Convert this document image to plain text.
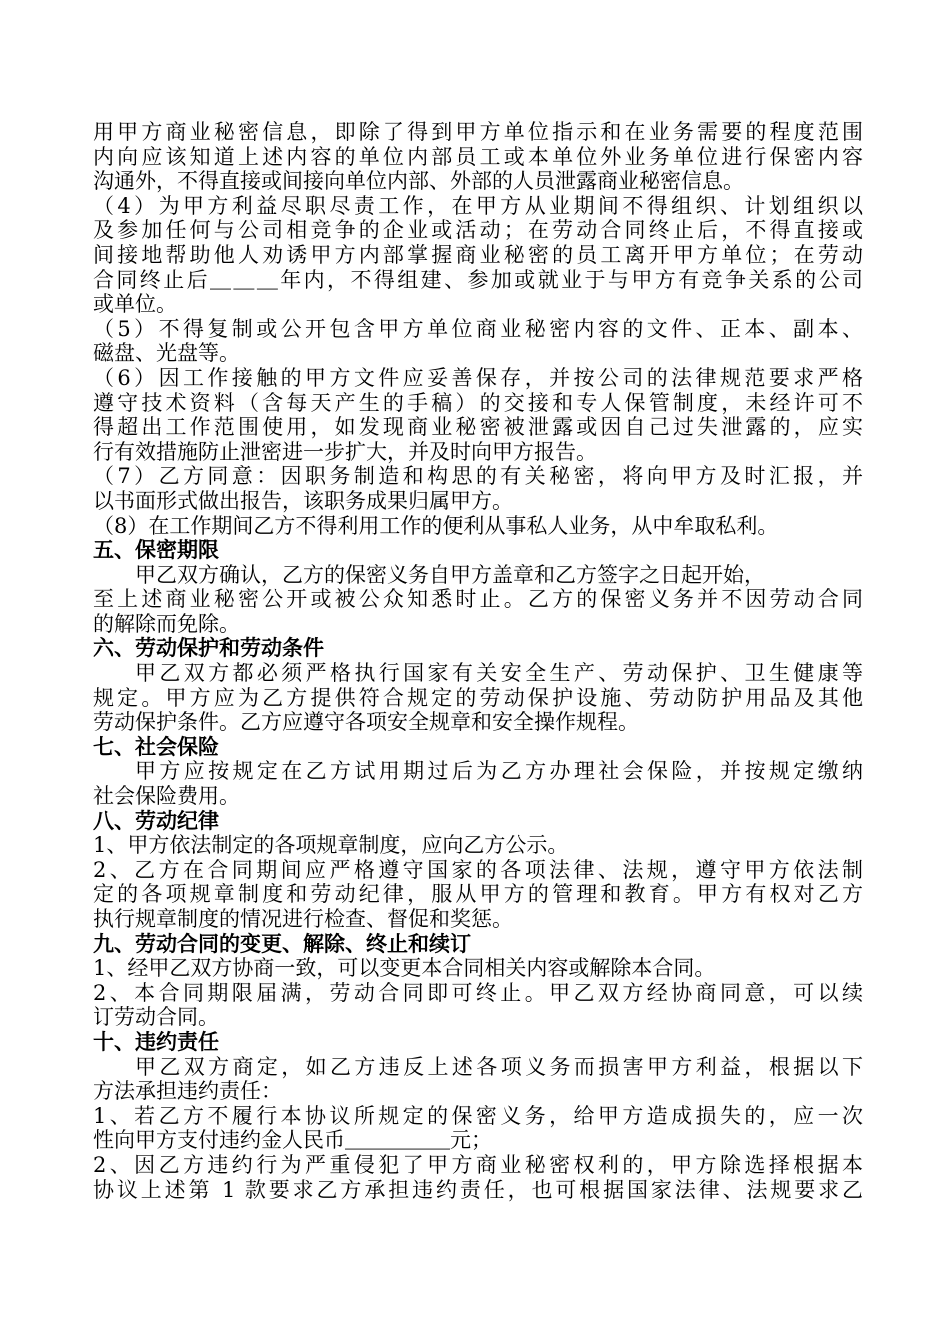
用甲方商业秘密信息，即除了得到甲方单位指示和在业务需要的程度范围
内向应该知道上述内容的单位内部员工或本单位外业务单位进行保密内容
沟通外，不得直接或间接向单位内部、外部的人员泄露商业秘密信息。
（4）为甲方利益尽职尽责工作，在甲方从业期间不得组织、计划组织以
及参加任何与公司相竞争的企业或活动；在劳动合同终止后，不得直接或
间接地帮助他人劝诱甲方内部掌握商业秘密的员工离开甲方单位；在劳动
合同终止后＿＿＿年内，不得组建、参加或就业于与甲方有竞争关系的公司
或单位。
（5）不得复制或公开包含甲方单位商业秘密内容的文件、正本、副本、
磁盘、光盘等。
（6）因工作接触的甲方文件应妥善保存，并按公司的法律规范要求严格
遵守技术资料（含每天产生的手稿）的交接和专人保管制度，未经许可不
得超出工作范围使用，如发现商业秘密被泄露或因自己过失泄露的，应实
行有效措施防止泄密进一步扩大，并及时向甲方报告。
（7）乙方同意：因职务制造和构思的有关秘密，将向甲方及时汇报，并
以书面形式做出报告，该职务成果归属甲方。
（8）在工作期间乙方不得利用工作的便利从事私人业务，从中牟取私利。
五、保密期限
甲乙双方确认，乙方的保密义务自甲方盖章和乙方签字之日起开始，
至上述商业秘密公开或被公众知悉时止。乙方的保密义务并不因劳动合同
的解除而免除。
六、劳动保护和劳动条件
甲乙双方都必须严格执行国家有关安全生产、劳动保护、卫生健康等
规定。甲方应为乙方提供符合规定的劳动保护设施、劳动防护用品及其他
劳动保护条件。乙方应遵守各项安全规章和安全操作规程。
七、社会保险
甲方应按规定在乙方试用期过后为乙方办理社会保险，并按规定缴纳
社会保险费用。
八、劳动纪律
1、甲方依法制定的各项规章制度，应向乙方公示。
2、乙方在合同期间应严格遵守国家的各项法律、法规，遵守甲方依法制
定的各项规章制度和劳动纪律，服从甲方的管理和教育。甲方有权对乙方
执行规章制度的情况进行检查、督促和奖惩。
九、劳动合同的变更、解除、终止和续订
1、经甲乙双方协商一致，可以变更本合同相关内容或解除本合同。
2、本合同期限届满，劳动合同即可终止。甲乙双方经协商同意，可以续
订劳动合同。
十、违约责任
甲乙双方商定，如乙方违反上述各项义务而损害甲方利益，根据以下
方法承担违约责任：
1、若乙方不履行本协议所规定的保密义务，给甲方造成损失的，应一次
性向甲方支付违约金人民币＿＿＿＿＿元；
2、因乙方违约行为严重侵犯了甲方商业秘密权利的，甲方除选择根据本
协议上述第 1 款要求乙方承担违约责任，也可根据国家法律、法规要求乙
